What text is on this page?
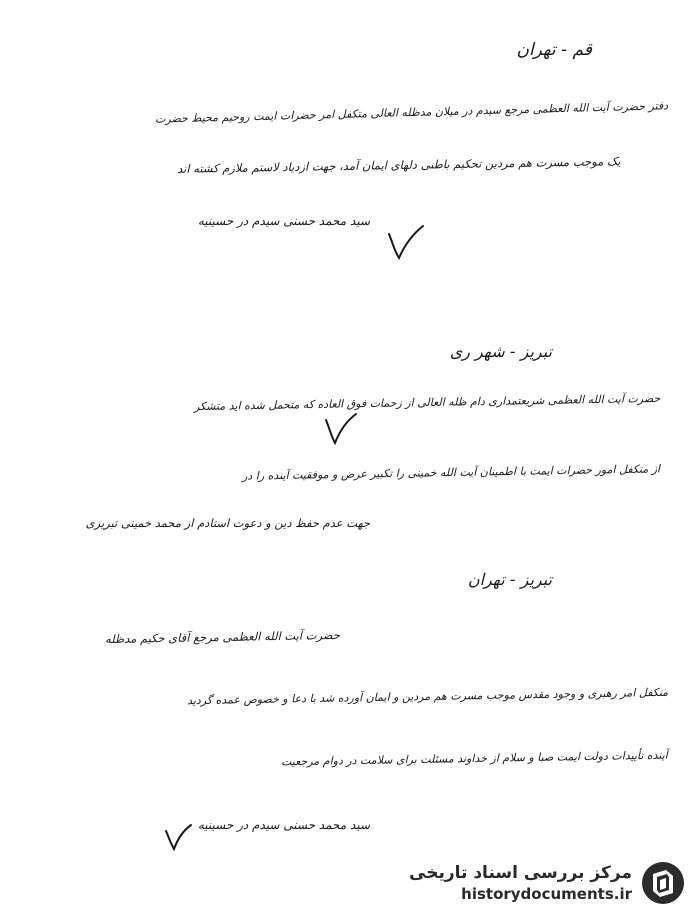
قم - تهران
دفتر حضرت آیت الله العظمی مرجع سیدم در میلان مدظله العالی متکفل امر حضرات ایمت روحیم محیط حضرت
یک موجب مسرت هم مردین تحکیم باطنی دلهای ایمان آمد، جهت ازدیاد لاستم ملازم کشته اند
سید محمد حسنی سیدم در حسینیه
تبریز - شهر ری
حضرت آیت الله العظمی شریعتمداری دام ظله العالی از زحمات فوق العاده که متحمل شده اید متشکر
از متکفل امور حضرات ایمت با اطمینان آیت الله خمینی را تکبیر عرض و موفقیت آینده را در
جهت عدم حفظ دین و دعوت استادم از محمد خمینی تبریزی
تبریز - تهران
حضرت آیت الله العظمی مرجع آقای حکیم مدظله
متکفل امر رهبری و وجود مقدس موجب مسرت هم مردین و ایمان آورده شد با دعا و خصوص عمده گردید
آینده تأییدات دولت ایمت صبا و سلام از خداوند مسئلت برای سلامت در دوام مرجعیت
سید محمد حسنی سیدم در حسینیه
مرکز بررسی اسناد تاریخی
historydocuments.ir
